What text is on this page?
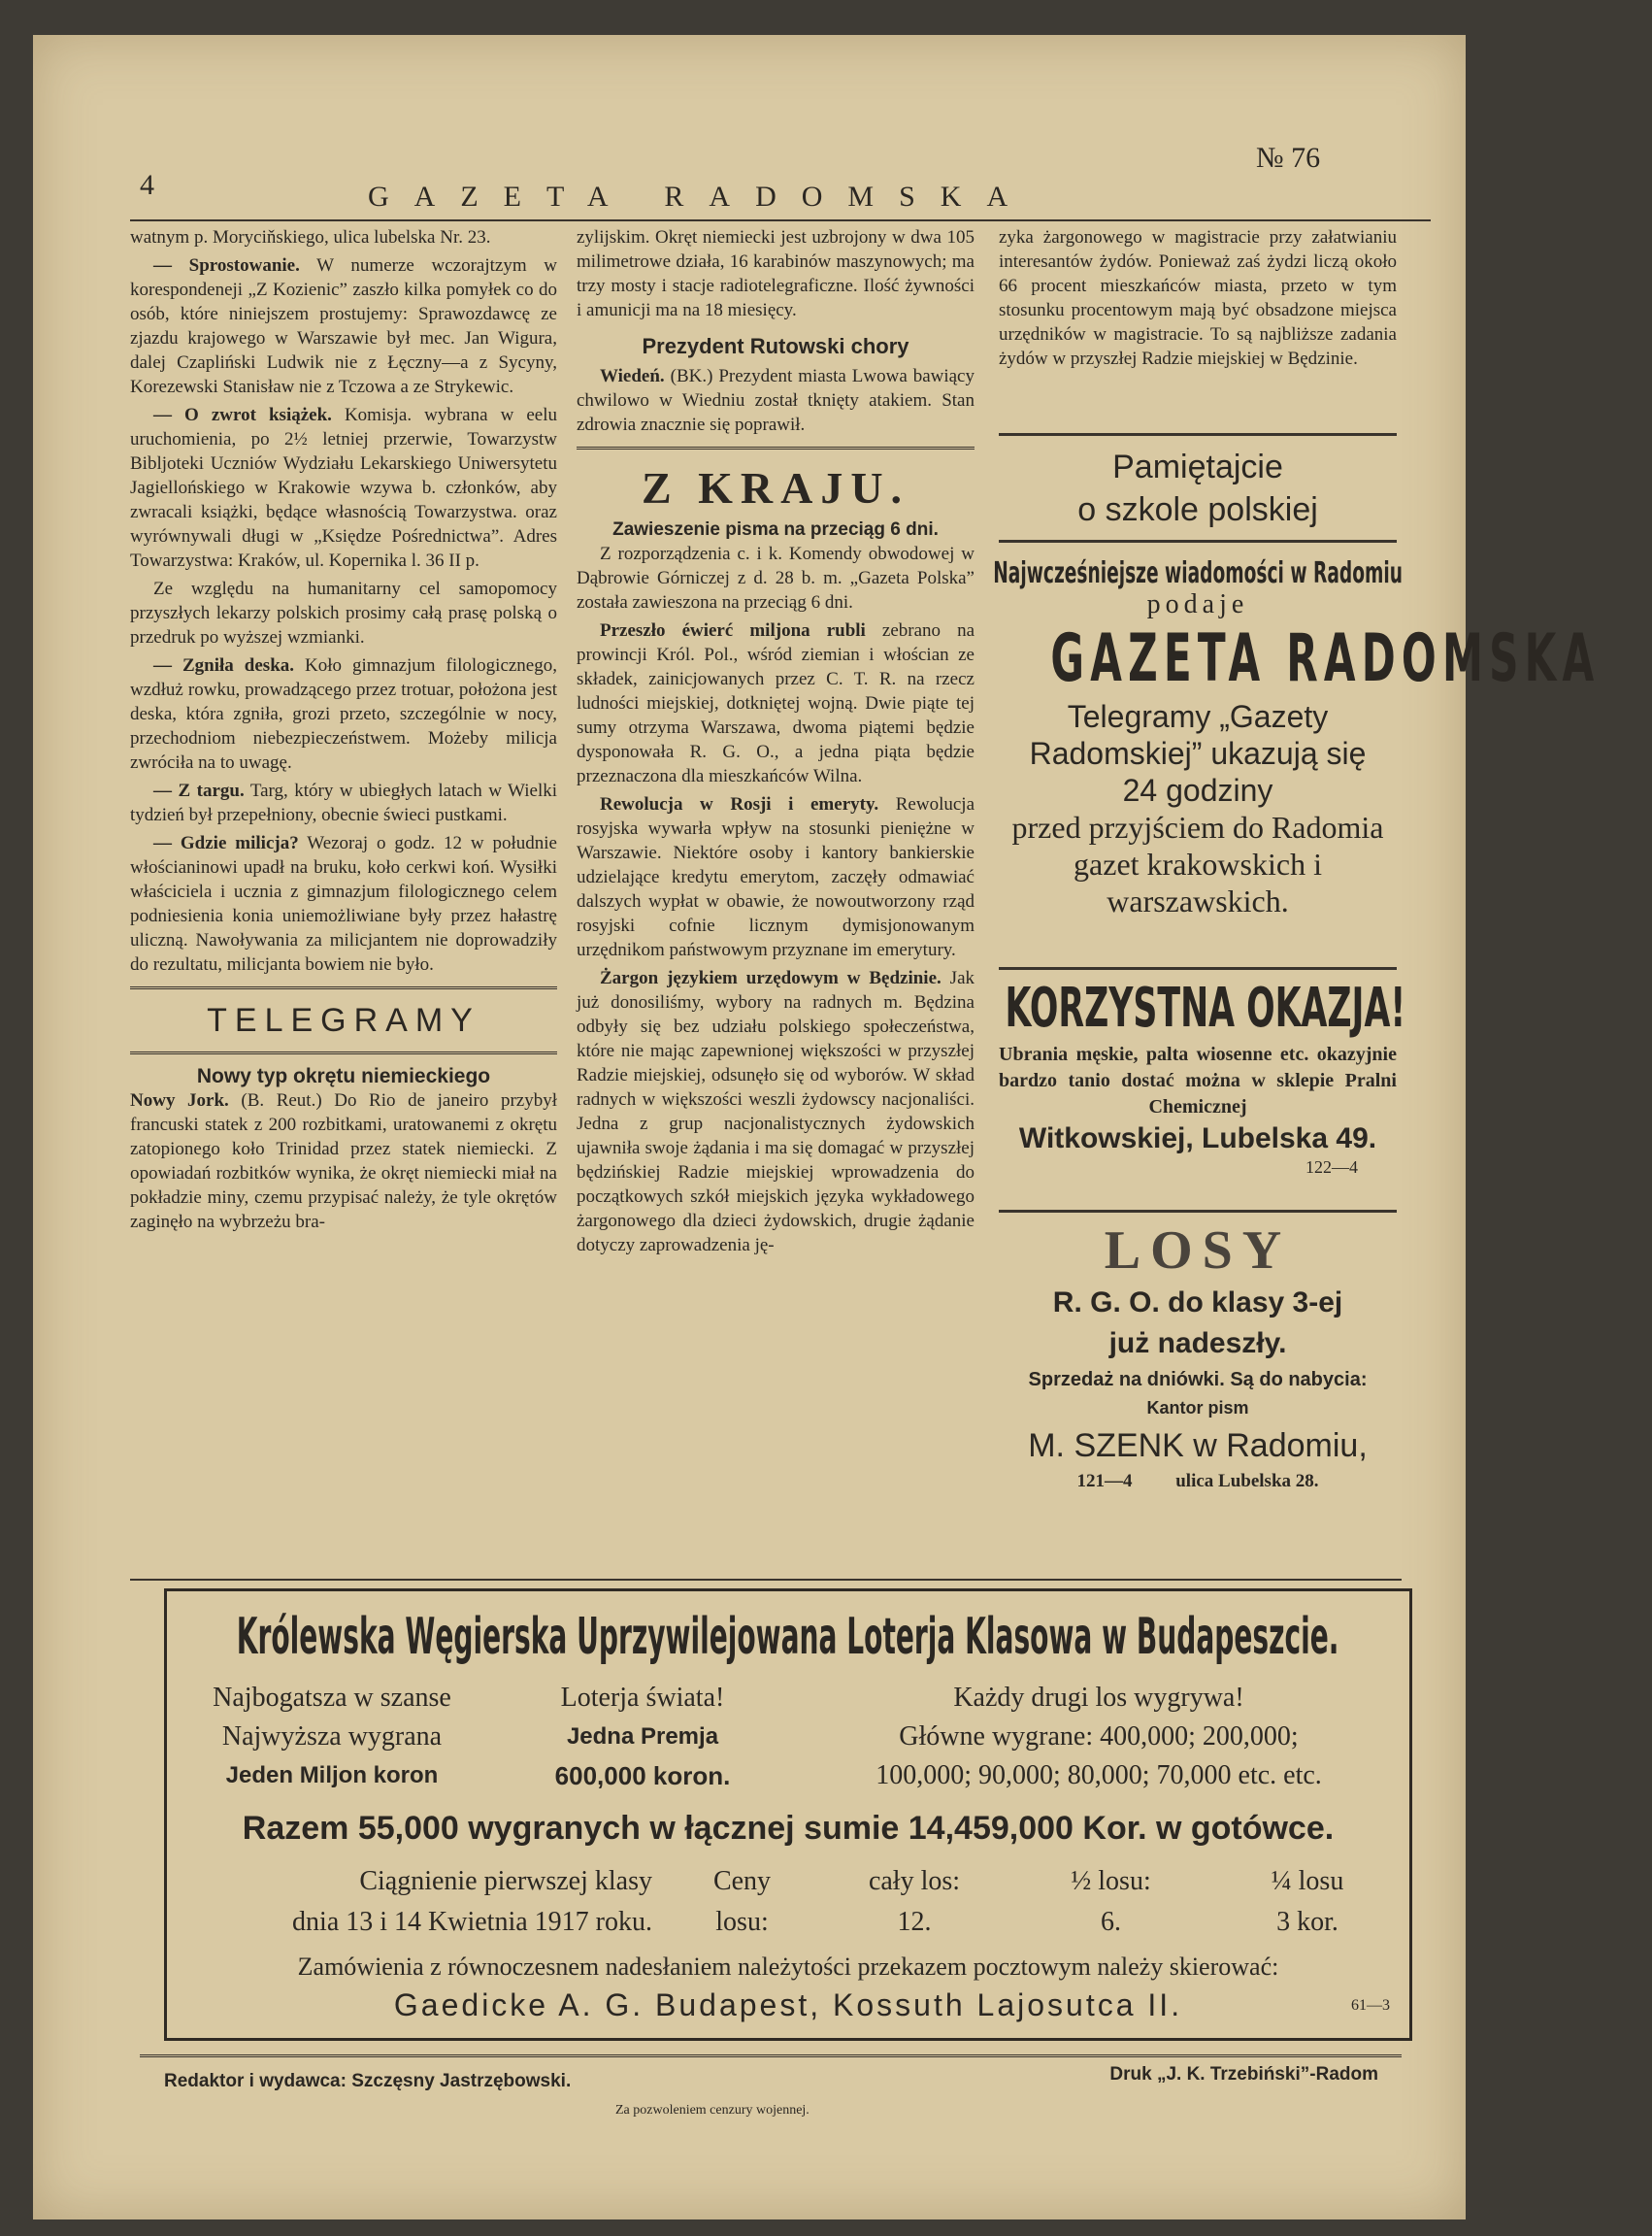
4	GAZETA RADOMSKA
№ 76

watnym p. Moryciňskiego, ulica lubelska Nr. 23.

— Sprostowanie. W numerze wczorajtzym w korespondeneji „Z Kozienic” zaszło kilka pomyłek co do osób, które niniejszem prostujemy: Sprawozdawcę ze zjazdu krajowego w Warszawie był mec. Jan Wigura, dalej Czapliński Ludwik nie z Łęczny—a z Sycyny, Korezewski Stanisław nie z Tczowa a ze Strykewic.

— O zwrot książek. Komisja. wybrana w eelu uruchomienia, po 2½ letniej przerwie, Towarzystw Bibljoteki Uczniów Wydziału Lekarskiego Uniwersytetu Jagiellońskiego w Krakowie wzywa b. członków, aby zwracali książki, będące własnością Towarzystwa. oraz wyrównywali długi w „Księdze Pośrednictwa”. Adres Towarzystwa: Kraków, ul. Kopernika l. 36 II p.

Ze względu na humanitarny cel samopomocy przyszłych lekarzy polskich prosimy całą prasę polską o przedruk po wyższej wzmianki.

— Zgniła deska. Koło gimnazjum filologicznego, wzdłuż rowku, prowadzącego przez trotuar, położona jest deska, która zgniła, grozi przeto, szczególnie w nocy, przechodniom niebezpieczeństwem. Możeby milicja zwróciła na to uwagę.

— Z targu. Targ, który w ubiegłych latach w Wielki tydzień był przepełniony, obecnie świeci pustkami.

— Gdzie milicja? Wezoraj o godz. 12 w południe włościaninowi upadł na bruku, koło cerkwi koń. Wysiłki właściciela i ucznia z gimnazjum filologicznego celem podniesienia konia uniemożliwiane były przez hałastrę uliczną. Nawoływania za milicjantem nie doprowadziły do rezultatu, milicjanta bowiem nie było.

TELEGRAMY
Nowy typ okrętu niemieckiego

Nowy Jork. (B. Reut.) Do Rio de janeiro przybył francuski statek z 200 rozbitkami, uratowanemi z okrętu zatopionego koło Trinidad przez statek niemiecki. Z opowiadań rozbitków wynika, że okręt niemiecki miał na pokładzie miny, czemu przypisać należy, że tyle okrętów zaginęło na wybrzeżu bra-

zylijskim. Okręt niemiecki jest uzbrojony w dwa 105 milimetrowe działa, 16 karabinów maszynowych; ma trzy mosty i stacje radiotelegraficzne. Ilość żywności i amunicji ma na 18 miesięcy.

Prezydent Rutowski chory

Wiedeń. (BK.) Prezydent miasta Lwowa bawiący chwilowo w Wiedniu został tknięty atakiem. Stan zdrowia znacznie się poprawił.

Z KRAJU.
Zawieszenie pisma na przeciąg 6 dni.

Z rozporządzenia c. i k. Komendy obwodowej w Dąbrowie Górniczej z d. 28 b. m. „Gazeta Polska” została zawieszona na przeciąg 6 dni.

Przeszło éwierć miljona rubli zebrano na prowincji Król. Pol., wśród ziemian i włościan ze składek, zainicjowanych przez C. T. R. na rzecz ludności miejskiej, dotkniętej wojną. Dwie piąte tej sumy otrzyma Warszawa, dwoma piątemi będzie dysponowała R. G. O., a jedna piąta będzie przeznaczona dla mieszkańców Wilna.

Rewolucja w Rosji i emeryty. Rewolucja rosyjska wywarła wpływ na stosunki pieniężne w Warszawie. Niektóre osoby i kantory bankierskie udzielające kredytu emerytom, zaczęły odmawiać dalszych wypłat w obawie, że nowoutworzony rząd rosyjski cofnie licznym dymisjonowanym urzędnikom państwowym przyznane im emerytury.

Żargon językiem urzędowym w Będzinie. Jak już donosiliśmy, wybory na radnych m. Będzina odbyły się bez udziału polskiego społeczeństwa, które nie mając zapewnionej większości w przyszłej Radzie miejskiej, odsunęło się od wyborów. W skład radnych w większości weszli żydowscy nacjonaliści. Jedna z grup nacjonalistycznych żydowskich ujawniła swoje żądania i ma się domagać w przyszłej będzińskiej Radzie miejskiej wprowadzenia do początkowych szkół miejskich języka wykładowego żargonowego dla dzieci żydowskich, drugie żądanie dotyczy zaprowadzenia ję-

zyka żargonowego w magistracie przy załatwianiu interesantów żydów. Ponieważ zaś żydzi liczą około 66 procent mieszkańców miasta, przeto w tym stosunku procentowym mają być obsadzone miejsca urzędników w magistracie. To są najbliższe zadania żydów w przyszłej Radzie miejskiej w Będzinie.

Pamiętajcie
o szkole polskiej
Najwcześniejsze wiadomości w Radomiu
podaje
GAZETA RADOMSKA
Telegramy „Gazety Radomskiej” ukazują się
24 godziny
przed przyjściem do Radomia gazet krakowskich i warszawskich.
KORZYSTNA OKAZJA!
Ubrania męskie, palta wiosenne etc. okazyjnie bardzo tanio dostać można w sklepie Pralni Chemicznej
Witkowskiej, Lubelska 49.
122—4
LOSY
R. G. O. do klasy 3-ej
już nadeszły.
Sprzedaż na dniówki. Są do nabycia:
Kantor pism
M. SZENK w Radomiu,
121—4 ulica Lubelska 28.
Królewska Węgierska Uprzywilejowana Loterja Klasowa w Budapeszcie.
Najbogatsza w szanse	Loterja świata!	Każdy drugi los wygrywa!
Najwyższa wygrana	Jedna Premja	Główne wygrane: 400,000; 200,000;
Jeden Miljon koron	600,000 koron.	100,000; 90,000; 80,000; 70,000 etc. etc.
Razem 55,000 wygranych w łącznej sumie 14,459,000 Kor. w gotówce.
Ciągnienie pierwszej klasy	Ceny	cały los:	½ losu:	¼ losu
dnia 13 i 14 Kwietnia 1917 roku.	losu:	12.	6.	3 kor.
Zamówienia z równoczesnem nadesłaniem należytości przekazem pocztowym należy skierować:
Gaedicke A. G. Budapest, Kossuth Lajosutca II.	61—3
Redaktor i wydawca: Szczęsny Jastrzębowski.	Druk „J. K. Trzebiński”-Radom
Za pozwoleniem cenzury wojennej.
